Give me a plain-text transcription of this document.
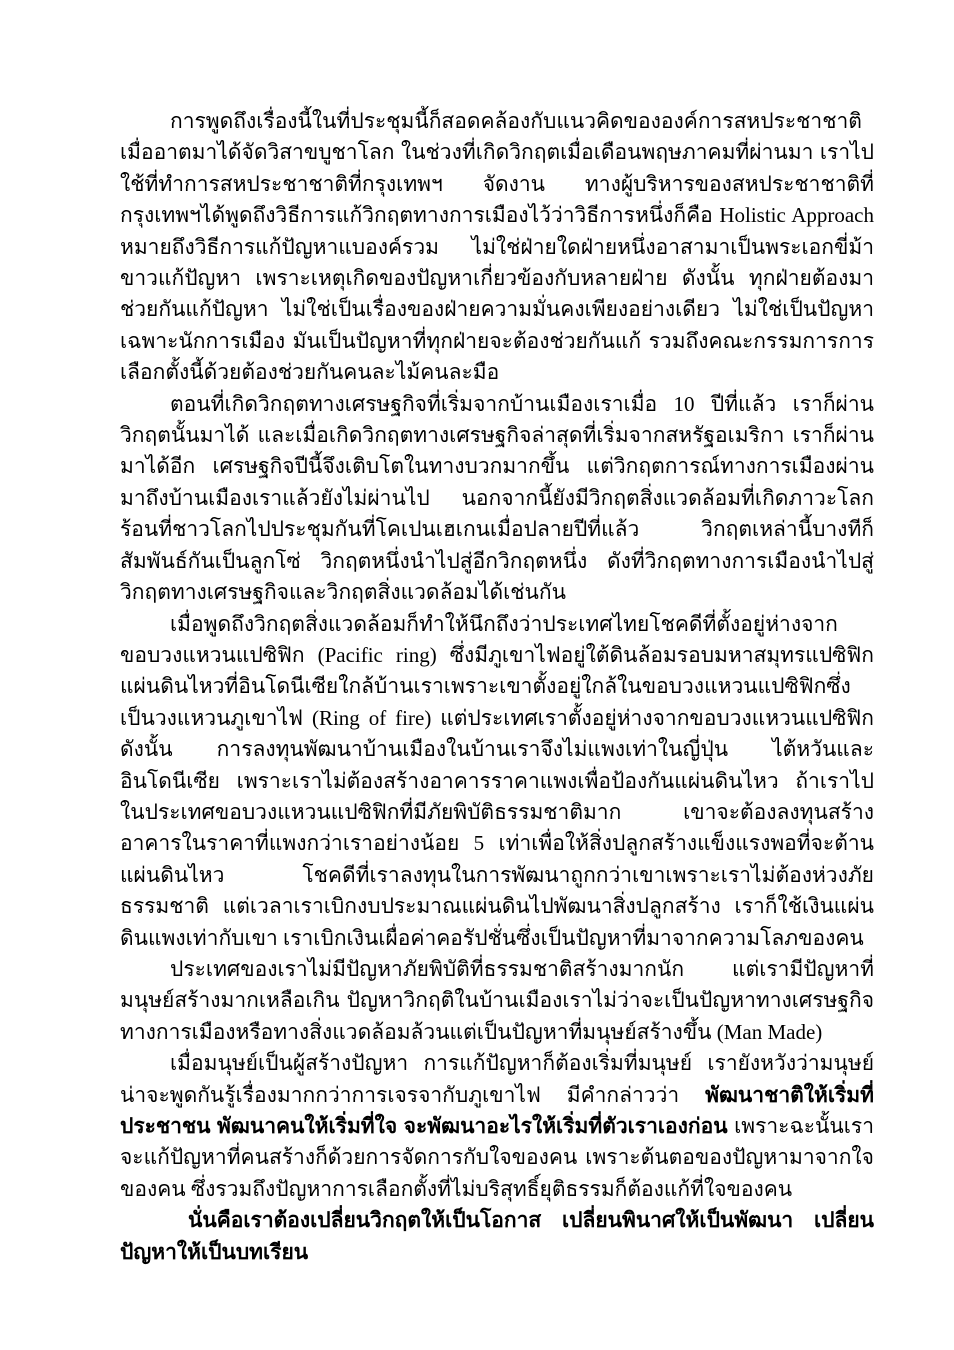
การพูดถึงเรื่องนี้ในที่ประชุมนี้ก็สอดคล้องกับแนวคิดขององค์การสหประชาชาติ เมื่ออาตมาได้จัดวิสาขบูชาโลก ในช่วงที่เกิดวิกฤตเมื่อเดือนพฤษภาคมที่ผ่านมา เราไปใช้ที่ทำการสหประชาชาติที่กรุงเทพฯ จัดงาน ทางผู้บริหารของสหประชาชาติที่กรุงเทพฯได้พูดถึงวิธีการแก้วิกฤตทางการเมืองไว้ว่าวิธีการหนึ่งก็คือ Holistic Approach หมายถึงวิธีการแก้ปัญหาแบองค์รวม ไม่ใช่ฝ่ายใดฝ่ายหนึ่งอาสามาเป็นพระเอกขี่ม้าขาวแก้ปัญหา เพราะเหตุเกิดของปัญหาเกี่ยวข้องกับหลายฝ่าย ดังนั้น ทุกฝ่ายต้องมาช่วยกันแก้ปัญหา ไม่ใช่เป็นเรื่องของฝ่ายความมั่นคงเพียงอย่างเดียว ไม่ใช่เป็นปัญหาเฉพาะนักการเมือง มันเป็นปัญหาที่ทุกฝ่ายจะต้องช่วยกันแก้ รวมถึงคณะกรรมการการเลือกตั้งนี้ด้วยต้องช่วยกันคนละไม้คนละมือ

ตอนที่เกิดวิกฤตทางเศรษฐกิจที่เริ่มจากบ้านเมืองเราเมื่อ 10 ปีที่แล้ว เราก็ผ่านวิกฤตนั้นมาได้ และเมื่อเกิดวิกฤตทางเศรษฐกิจล่าสุดที่เริ่มจากสหรัฐอเมริกา เราก็ผ่านมาได้อีก เศรษฐกิจปีนี้จึงเติบโตในทางบวกมากขึ้น แต่วิกฤตการณ์ทางการเมืองผ่านมาถึงบ้านเมืองเราแล้วยังไม่ผ่านไป นอกจากนี้ยังมีวิกฤตสิ่งแวดล้อมที่เกิดภาวะโลกร้อนที่ชาวโลกไปประชุมกันที่โคเปนเฮเกนเมื่อปลายปีที่แล้ว วิกฤตเหล่านี้บางทีก็สัมพันธ์กันเป็นลูกโซ่ วิกฤตหนึ่งนำไปสู่อีกวิกฤตหนึ่ง ดังที่วิกฤตทางการเมืองนำไปสู่วิกฤตทางเศรษฐกิจและวิกฤตสิ่งแวดล้อมได้เช่นกัน

เมื่อพูดถึงวิกฤตสิ่งแวดล้อมก็ทำให้นึกถึงว่าประเทศไทยโชคดีที่ตั้งอยู่ห่างจากขอบวงแหวนแปซิฟิก (Pacific ring) ซึ่งมีภูเขาไฟอยู่ใต้ดินล้อมรอบมหาสมุทรแปซิฟิก แผ่นดินไหวที่อินโดนีเซียใกล้บ้านเราเพราะเขาตั้งอยู่ใกล้ในขอบวงแหวนแปซิฟิกซึ่งเป็นวงแหวนภูเขาไฟ (Ring of fire) แต่ประเทศเราตั้งอยู่ห่างจากขอบวงแหวนแปซิฟิก ดังนั้น การลงทุนพัฒนาบ้านเมืองในบ้านเราจึงไม่แพงเท่าในญี่ปุ่น ไต้หวันและอินโดนีเซีย เพราะเราไม่ต้องสร้างอาคารราคาแพงเพื่อป้องกันแผ่นดินไหว ถ้าเราไปในประเทศขอบวงแหวนแปซิฟิกที่มีภัยพิบัติธรรมชาติมาก เขาจะต้องลงทุนสร้างอาคารในราคาที่แพงกว่าเราอย่างน้อย 5 เท่าเพื่อให้สิ่งปลูกสร้างแข็งแรงพอที่จะต้านแผ่นดินไหว โชคดีที่เราลงทุนในการพัฒนาถูกกว่าเขาเพราะเราไม่ต้องห่วงภัยธรรมชาติ แต่เวลาเราเบิกงบประมาณแผ่นดินไปพัฒนาสิ่งปลูกสร้าง เราก็ใช้เงินแผ่นดินแพงเท่ากับเขา เราเบิกเงินเผื่อค่าคอรัปชั่นซึ่งเป็นปัญหาที่มาจากความโลภของคน

ประเทศของเราไม่มีปัญหาภัยพิบัติที่ธรรมชาติสร้างมากนัก แต่เรามีปัญหาที่มนุษย์สร้างมากเหลือเกิน ปัญหาวิกฤติในบ้านเมืองเราไม่ว่าจะเป็นปัญหาทางเศรษฐกิจ ทางการเมืองหรือทางสิ่งแวดล้อมล้วนแต่เป็นปัญหาที่มนุษย์สร้างขึ้น (Man Made)

เมื่อมนุษย์เป็นผู้สร้างปัญหา การแก้ปัญหาก็ต้องเริ่มที่มนุษย์ เรายังหวังว่ามนุษย์น่าจะพูดกันรู้เรื่องมากกว่าการเจรจากับภูเขาไฟ มีคำกล่าวว่า พัฒนาชาติให้เริ่มที่ประชาชน พัฒนาคนให้เริ่มที่ใจ จะพัฒนาอะไรให้เริ่มที่ตัวเราเองก่อน เพราะฉะนั้นเราจะแก้ปัญหาที่คนสร้างก็ด้วยการจัดการกับใจของคน เพราะต้นตอของปัญหามาจากใจของคน ซึ่งรวมถึงปัญหาการเลือกตั้งที่ไม่บริสุทธิ์ยุติธรรมก็ต้องแก้ที่ใจของคน

นั่นคือเราต้องเปลี่ยนวิกฤตให้เป็นโอกาส เปลี่ยนพินาศให้เป็นพัฒนา เปลี่ยนปัญหาให้เป็นบทเรียน
